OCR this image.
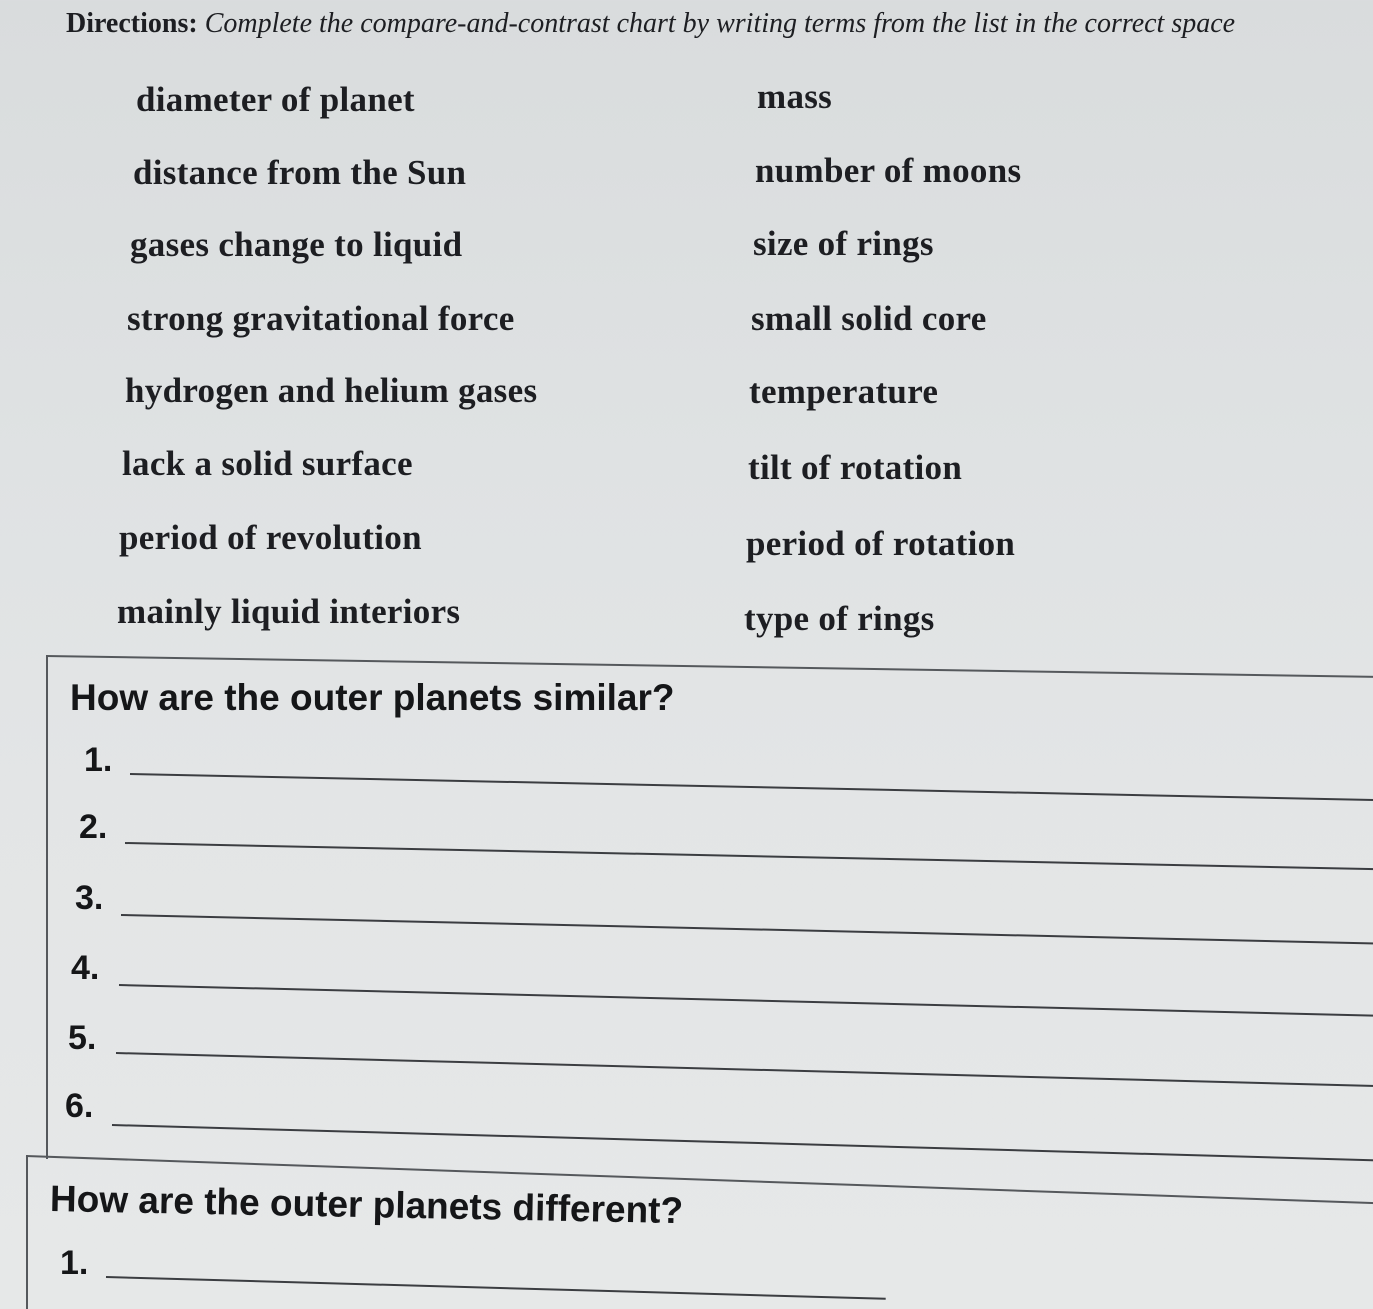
Directions: Complete the compare-and-contrast chart by writing terms from the list in the correct space
diameter of planet
distance from the Sun
gases change to liquid
strong gravitational force
hydrogen and helium gases
lack a solid surface
period of revolution
mainly liquid interiors
mass
number of moons
size of rings
small solid core
temperature
tilt of rotation
period of rotation
type of rings
How are the outer planets similar?
1.
2.
3.
4.
5.
6.
How are the outer planets different?
1.
